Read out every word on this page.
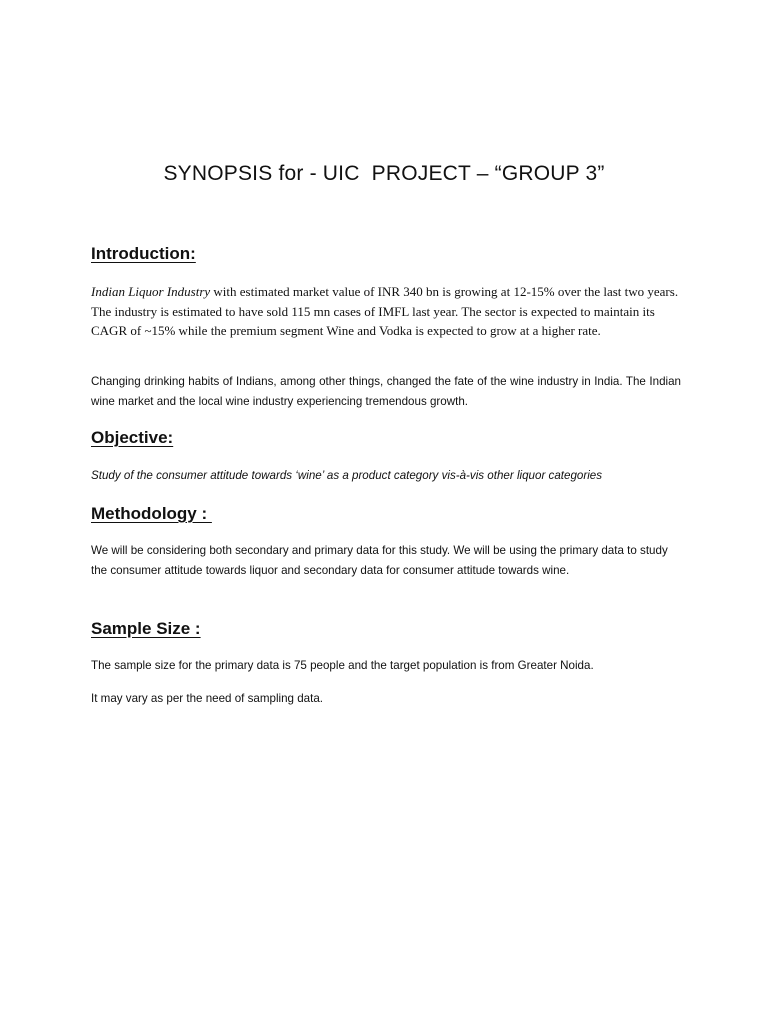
SYNOPSIS for - UIC  PROJECT – “GROUP 3”
Introduction:
Indian Liquor Industry with estimated market value of INR 340 bn is growing at 12-15% over the last two years. The industry is estimated to have sold 115 mn cases of IMFL last year. The sector is expected to maintain its CAGR of ~15% while the premium segment Wine and Vodka is expected to grow at a higher rate.
Changing drinking habits of Indians, among other things, changed the fate of the wine industry in India. The Indian wine market and the local wine industry experiencing tremendous growth.
Objective:
Study of the consumer attitude towards ‘wine’ as a product category vis-à-vis other liquor categories
Methodology :
We will be considering both secondary and primary data for this study. We will be using the primary data to study the consumer attitude towards liquor and secondary data for consumer attitude towards wine.
Sample Size :
The sample size for the primary data is 75 people and the target population is from Greater Noida.
It may vary as per the need of sampling data.
